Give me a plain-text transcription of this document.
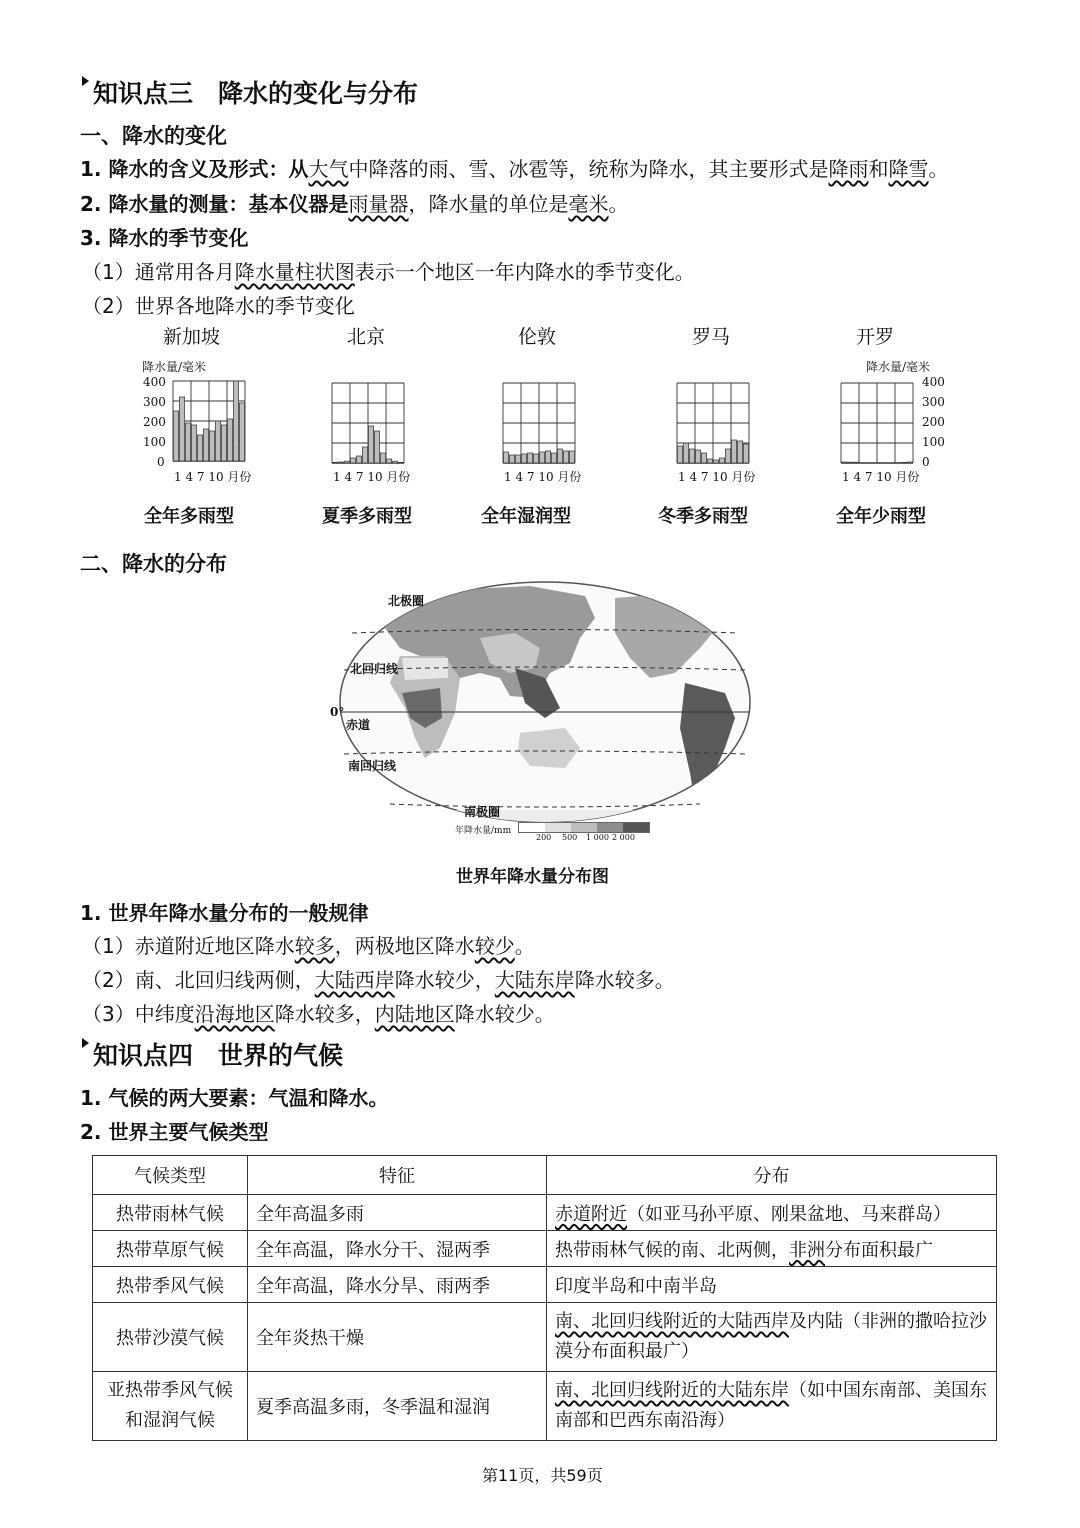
知识点三　降水的变化与分布
一、降水的变化
1. 降水的含义及形式：从大气中降落的雨、雪、冰雹等，统称为降水，其主要形式是降雨和降雪。
2. 降水量的测量：基本仪器是雨量器，降水量的单位是毫米。
3. 降水的季节变化
（1）通常用各月降水量柱状图表示一个地区一年内降水的季节变化。
（2）世界各地降水的季节变化
新加坡	北京	伦敦	罗马	开罗
降水量/毫米
400
300
200
100
0
降水量/毫米
400
300
200
100
0
1 4 7 10 月份	1 4 7 10 月份	1 4 7 10 月份	1 4 7 10 月份	1 4 7 10 月份
全年多雨型	夏季多雨型	全年湿润型	冬季多雨型	全年少雨型
二、降水的分布
北极圈
北回归线
0°
赤道
南回归线
南极圈
年降水量/mm
200 500 1 000 2 000
世界年降水量分布图
1. 世界年降水量分布的一般规律
（1）赤道附近地区降水较多，两极地区降水较少。
（2）南、北回归线两侧，大陆西岸降水较少，大陆东岸降水较多。
（3）中纬度沿海地区降水较多，内陆地区降水较少。
知识点四　世界的气候
1. 气候的两大要素：气温和降水。
2. 世界主要气候类型
气候类型	特征	分布
热带雨林气候	全年高温多雨	赤道附近（如亚马孙平原、刚果盆地、马来群岛）
热带草原气候	全年高温，降水分干、湿两季	热带雨林气候的南、北两侧，非洲分布面积最广
热带季风气候	全年高温，降水分旱、雨两季	印度半岛和中南半岛
热带沙漠气候	全年炎热干燥	南、北回归线附近的大陆西岸及内陆（非洲的撒哈拉沙漠分布面积最广）
亚热带季风气候
和湿润气候	夏季高温多雨，冬季温和湿润	南、北回归线附近的大陆东岸（如中国东南部、美国东南部和巴西东南沿海）
第11页，共59页
